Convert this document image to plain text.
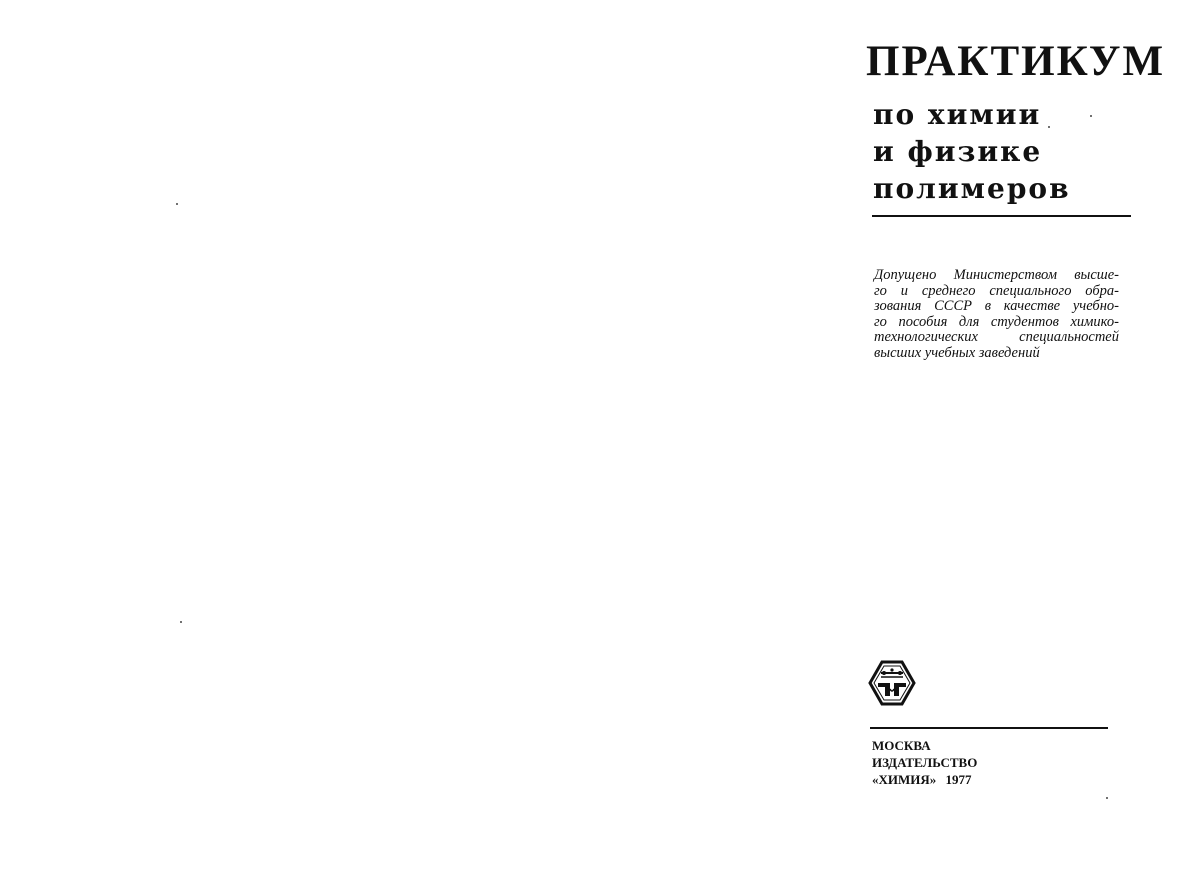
ПРАКТИКУМ
по химии
и физике
полимеров
Допущено Министерством высше-
го и среднего специального обра-
зования СССР в качестве учебно-
го пособия для студентов химико-
технологических специальностей
высших учебных заведений
МОСКВА
ИЗДАТЕЛЬСТВО
«ХИМИЯ» 1977
